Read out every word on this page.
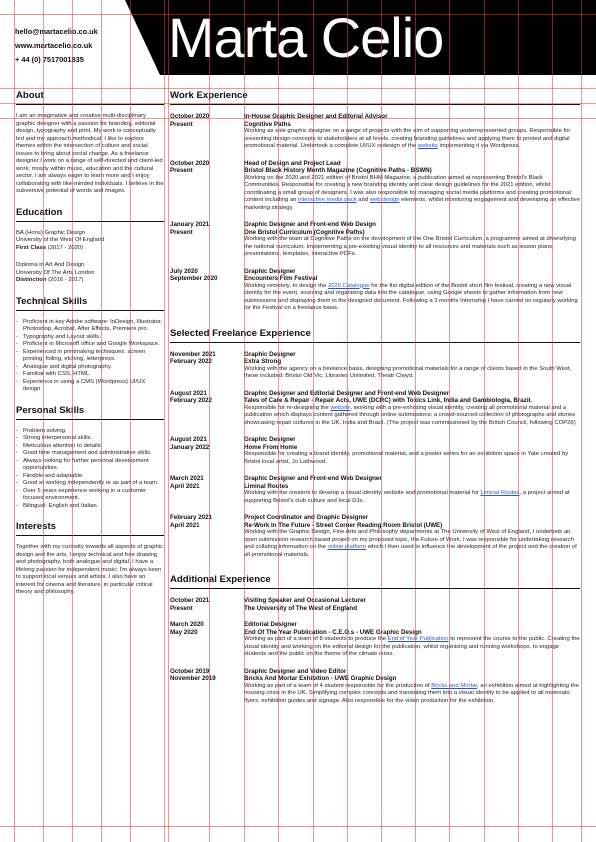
hello@martacelio.co.uk
www.martacelio.co.uk
+ 44 (0) 7517001835 Marta Celio
About
I am an imaginative and creative multi-disciplinary graphic designer with a passion for branding, editorial design, typography and print. My work is conceptually led and my approach methodical. I like to explore themes within the intersection of culture and social issues to bring about social change. As a freelance designer I work on a range of self-directed and client-led work; mostly within music, education and the cultural sector. I am always eager to learn more and I enjoy collaborating with like-minded individuals. I believe in the subversive potential of words and images.
Education
BA (Hons) Graphic Design
University of the West Of England
First Class (2017 - 2020)
Diploma in Art And Design
University Of The Arts London
Distinction (2016 - 2017)
Technical Skills
- Proficient in key Adobe software: InDesign, Illustrator, Photoshop, Acrobat, After Effects, Premiere pro.
- Typography and Layout skills.
- Proficient in Microsoft office and Google Workspace.
- Experienced in printmaking techniques: screen printing, foiling, etching, letterpress.
- Analogue and digital photography.
- Familiar with CSS, HTML.
- Experience in using a CMS (Wordpress) UI/UX design
Personal Skills
- Problem solving.
- Strong interpersonal skills.
- Meticulous attention to details.
- Good time management and administrative skills.
- Always looking for further personal development opportunities.
- Flexible and adaptable.
- Good at working independently or as part of a team.
- Over 5 years experience working in a customer focused environment.
- Bilingual: English and Italian.
Interests
Together with my curiosity towards all aspects of graphic design and the arts, I enjoy technical and free drawing and photography, both analogue and digital. I have a lifelong passion for independent music; I'm always keen to support local venues and artists. I also have an interest for cinema and literature, in particular critical theory and philosophy.
Work Experience
October 2020
Present
In-House Graphic Designer and Editorial Advisor
Cognitive Paths
Working as sole graphic designer on a range of projects with the aim of supporting underrepresented groups. Responsible for presenting design concepts to stakeholders at all levels, creating branding guidelines and applying them to printed and digital promotional material. Undertook a complete UI/UX redesign of the website implementing it via Wordpress.
October 2020
Present
Head of Design and Project Lead
Bristol Black History Month Magazine (Cognitive Paths - BSWN)
Working on the 2020 and 2021 edition of Bristol BHM Magazine, a publication aimed at representing Bristol's Black Communities. Responsible for creating a new branding identity and clear design guidelines for the 2021 edition, whilst coordinating a small group of designers. I was also responsible for managing social media platforms and creating promotional content including an interactive media pack and web design elements, whilst monitoring engagement and developing an effective marketing strategy.
January 2021
Present
Graphic Designer and Front-end Web Design
One Bristol Curriculum (Cognitive Paths)
Working with the team at Cognitive Paths on the development of the One Bristol Curriculum, a programme aimed at diversifying the national curriculum. Implementing a pre-exisiting visual identity to all resources and materials such as lesson plans, presentations, templates, interactive PDFs.
July 2020
September 2020
Graphic Designer
Encounters Film Festival
Working remotely, to design the 2020 Catalogue for the fist digital edition of the Bristol short film festival, creating a new visual identity for the event, sourcing and organising data into the catalogue, using Google sheets to gather information from new submissions and displaying them in the designed document. Following a 3 months Internship I have carried on regularly working for the Festival on a freelance basis.
Selected Freelance Experience
November 2021
February 2022
Graphic Designer
Extra Strong
Working with the agency on a freelance basis, designing promotional materials for a range of clients based in the South West, these included: Bristol Old Vic, Libraries Unlimited, Theatr Clwyd.
August 2021
February 2022
Graphic Designer and Editorial Designer and Front-end Web Designer
Tales of Care & Repair - Repair Acts, UWE (DCRC) with Toxics Link, India and Gambiologia, Brazil.
Responsible for re-designing the website, working with a pre-exhisting visual identity, creating all promotional material and a publication which displays content gathered through online submissions: a crowd-sourced collection of photographs and stories showcasing repair cultures in the UK, India and Brazil. (The project was commissioned by the British Council, following COP26)
August 2021
January 2022
Graphic Designer
Home From Home
Responsible for creating a brand identity, promotional material, and a poster series for an exhibition space in Yate created by Bristol local artist, Jo Lathwood.
March 2021
April 2021
Graphic Designer and Front-end Web Designer
Liminal Routes
Working with the creators to develop a visual identity, website and promotional material for Liminal Routes, a project aimed at supporting Bristol's club culture and local DJs.
February 2021
April 2021
Project Coordinator and Graphic Designer
Re-Work In The Future - Street Corner Reading Room Bristol (UWE)
Working with the Graphic Design, Fine Arts and Philosophy departments at The University of West of England, I undertook an open submission research based project on my proposed topic, the Future of Work. I was responsible for undertaking research and collating information on the online platform which I then used to influence the development of the project and the creation of all promotional materials.
Additional Experience
October 2021
Present
Visiting Speaker and Occasional Lecturer
The University of The West of England
March 2020
May 2020
Editorial Designer
End Of The Year Publication - C.E.O.s - UWE Graphic Design
Working as part of a team of 8 students to produce the End of Year Publication to represent the course to the public. Creating the visual identity and working on the editorial design for the publication, whilst organising and running workshops, to engage students and the public on the theme of the climate crisis.
October 2019
November 2019
Graphic Designer and Video Editor
Bricks And Mortar Exhibition - UWE Graphic Design
Working as part of a team of 4 student responsible for the production of Bricks and Mortar, an exhibition aimed at highlighting the housing crisis in the UK. Simplifying complex concepts and translating them into a visual identity to be applied to all materials: flyers, exhibition guides and signage. Also responsible for the video production for the exhibition.
